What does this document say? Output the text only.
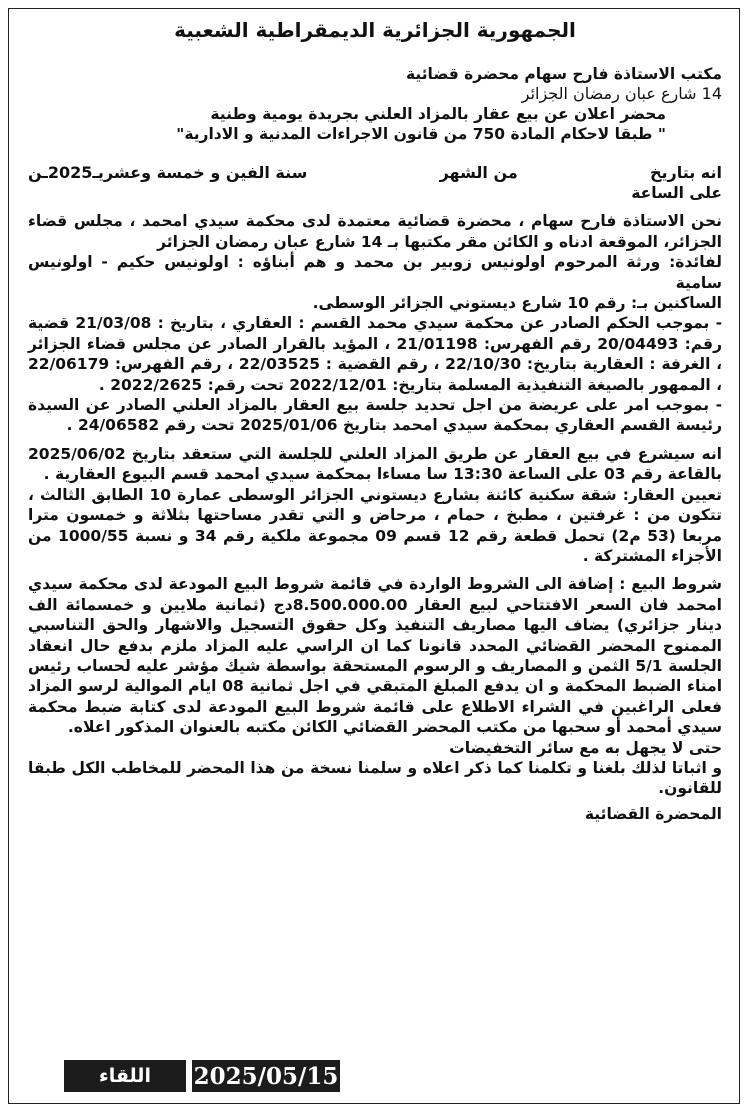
الجمهورية الجزائرية الديمقراطية الشعبية
مكتب الاستاذة فارح سهام محضرة قضائية
14 شارع عبان رمضان الجزائر
محضر اعلان عن بيع عقار بالمزاد العلني بجريدة يومية وطنية
" طبقا لاحكام المادة 750 من قانون الاجراءات المدنية و الادارية"
انه بتاريخ
من الشهر
سنة الفين و خمسة وعشريـ2025ـن
على الساعة
نحن الاستاذة فارح سهام ، محضرة قضائية معتمدة لدى محكمة سيدي امحمد ، مجلس قضاء الجزائر، الموقعة ادناه و الكائن مقر مكتبها بـ 14 شارع عبان رمضان الجزائر
لفائدة: ورثة المرحوم اولونيس زوبير بن محمد و هم أبناؤه : اولونيس حكيم - اولونيس سامية
الساكنين بـ: رقم 10 شارع ديستوني الجزائر الوسطى.
- بموجب الحكم الصادر عن محكمة سيدي محمد القسم : العقاري ، بتاريخ : 21/03/08 قضية رقم: 20/04493 رقم الفهرس: 21/01198 ، المؤيد بالقرار الصادر عن مجلس قضاء الجزائر ، الغرفة : العقارية بتاريخ: 22/10/30 ، رقم القضية : 22/03525 ، رقم الفهرس: 22/06179 ، الممهور بالصيغة التنفيذية المسلمة بتاريخ: 2022/12/01 تحت رقم: 2022/2625 .
- بموجب امر على عريضة من اجل تحديد جلسة بيع العقار بالمزاد العلني الصادر عن السيدة رئيسة القسم العقاري بمحكمة سيدي امحمد بتاريخ 2025/01/06 تحت رقم 24/06582 .
انه سيشرع في بيع العقار عن طريق المزاد العلني للجلسة التي ستعقد بتاريخ 2025/06/02 بالقاعة رقم 03 على الساعة 13:30 سا مساءا بمحكمة سيدي امحمد قسم البيوع العقارية .
تعيين العقار: شقة سكنية كائنة بشارع ديستوني الجزائر الوسطى عمارة 10 الطابق الثالث ، تتكون من : غرفتين ، مطبخ ، حمام ، مرحاض و التي تقدر مساحتها بثلاثة و خمسون مترا مربعا (53 م2) تحمل قطعة رقم 12 قسم 09 مجموعة ملكية رقم 34 و نسبة 1000/55 من الأجزاء المشتركة .
شروط البيع : إضافة الى الشروط الواردة في قائمة شروط البيع المودعة لدى محكمة سيدي امحمد فان السعر الافتتاحي لبيع العقار 8.500.000.00دج (ثمانية ملايين و خمسمائة الف دينار جزائري) يضاف اليها مصاريف التنفيذ وكل حقوق التسجيل والاشهار والحق التناسبي الممنوح المحضر القضائي المحدد قانونا كما ان الراسي عليه المزاد ملزم بدفع حال انعقاد الجلسة 5/1 الثمن و المصاريف و الرسوم المستحقة بواسطة شيك مؤشر عليه لحساب رئيس امناء الضبط المحكمة و ان يدفع المبلغ المتبقي في اجل ثمانية 08 ايام الموالية لرسو المزاد فعلى الراغبين في الشراء الاطلاع على قائمة شروط البيع المودعة لدى كتابة ضبط محكمة سيدي أمحمد أو سحبها من مكتب المحضر القضائي الكائن مكتبه بالعنوان المذكور اعلاه.
حتى لا يجهل به مع سائر التخفيضات
و اثباتا لذلك بلغنا و تكلمنا كما ذكر اعلاه و سلمنا نسخة من هذا المحضر للمخاطب الكل طبقا للقانون.
المحضرة القضائية
2025/05/15
اللقاء
